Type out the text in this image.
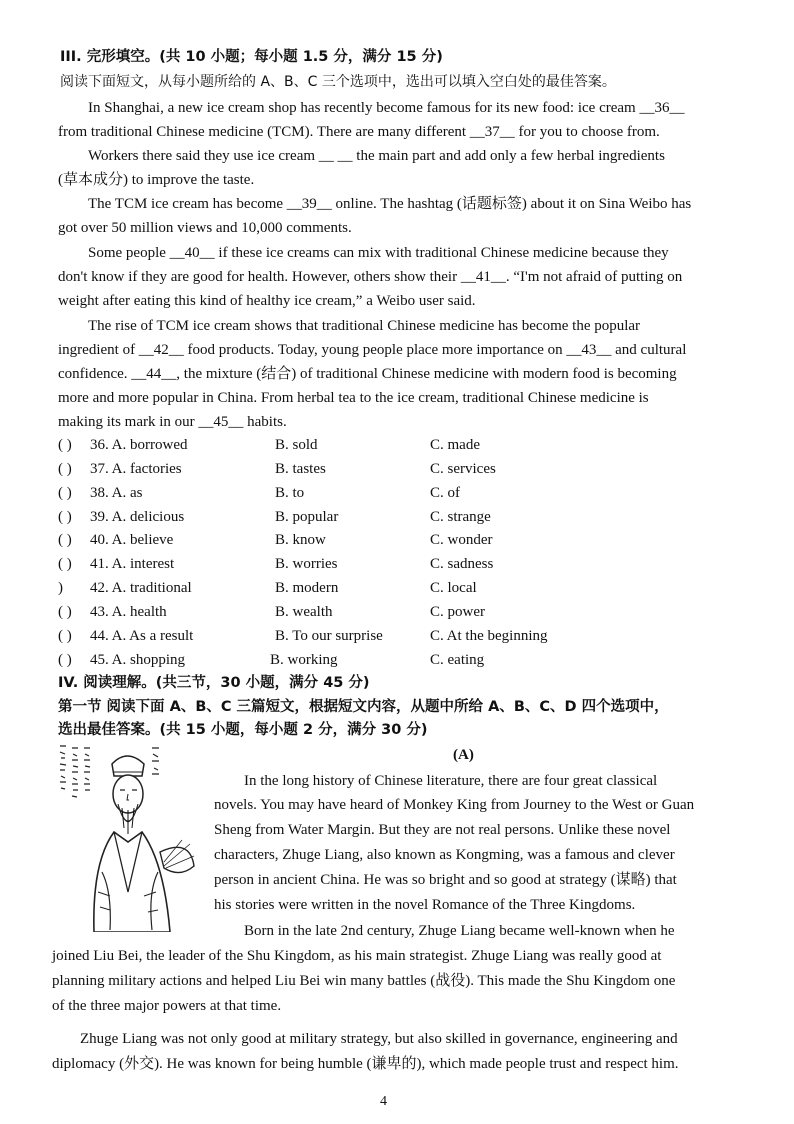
III. 完形填空。(共 10 小题；每小题 1.5 分，满分 15 分)
阅读下面短文，从每小题所给的 A、B、C 三个选项中，选出可以填入空白处的最佳答案。
In Shanghai, a new ice cream shop has recently become famous for its new food: ice cream __36__
from traditional Chinese medicine (TCM). There are many different __37__ for you to choose from.
Workers there said they use ice cream __ __ the main part and add only a few herbal ingredients
(草本成分) to improve the taste.
The TCM ice cream has become __39__ online. The hashtag (话题标签) about it on Sina Weibo has
got over 50 million views and 10,000 comments.
Some people __40__ if these ice creams can mix with traditional Chinese medicine because they
don't know if they are good for health. However, others show their __41__. “I'm not afraid of putting on
weight after eating this kind of healthy ice cream,” a Weibo user said.
The rise of TCM ice cream shows that traditional Chinese medicine has become the popular
ingredient of __42__ food products. Today, young people place more importance on __43__ and cultural
confidence. __44__, the mixture (结合) of traditional Chinese medicine with modern food is becoming
more and more popular in China. From herbal tea to the ice cream, traditional Chinese medicine is
making its mark in our __45__ habits.
( ) 36. A. borrowed	B. sold	C. made
( ) 37. A. factories	B. tastes	C. services
( ) 38. A. as	B. to	C. of
( ) 39. A. delicious	B. popular	C. strange
( ) 40. A. believe	B. know	C. wonder
( ) 41. A. interest	B. worries	C. sadness
) 42. A. traditional	B. modern	C. local
( ) 43. A. health	B. wealth	C. power
( ) 44. A. As a result	B. To our surprise	C. At the beginning
( ) 45. A. shopping	B. working	C. eating
IV. 阅读理解。(共三节，30 小题，满分 45 分)
第一节 阅读下面 A、B、C 三篇短文，根据短文内容，从题中所给 A、B、C、D 四个选项中，
选出最佳答案。(共 15 小题，每小题 2 分，满分 30 分)
(A)
In the long history of Chinese literature, there are four great classical
novels. You may have heard of Monkey King from Journey to the West or Guan
Sheng from Water Margin. But they are not real persons. Unlike these novel
characters, Zhuge Liang, also known as Kongming, was a famous and clever
person in ancient China. He was so bright and so good at strategy (谋略) that
his stories were written in the novel Romance of the Three Kingdoms.
Born in the late 2nd century, Zhuge Liang became well-known when he
joined Liu Bei, the leader of the Shu Kingdom, as his main strategist. Zhuge Liang was really good at
planning military actions and helped Liu Bei win many battles (战役). This made the Shu Kingdom one
of the three major powers at that time.
Zhuge Liang was not only good at military strategy, but also skilled in governance, engineering and
diplomacy (外交). He was known for being humble (谦卑的), which made people trust and respect him.
4
